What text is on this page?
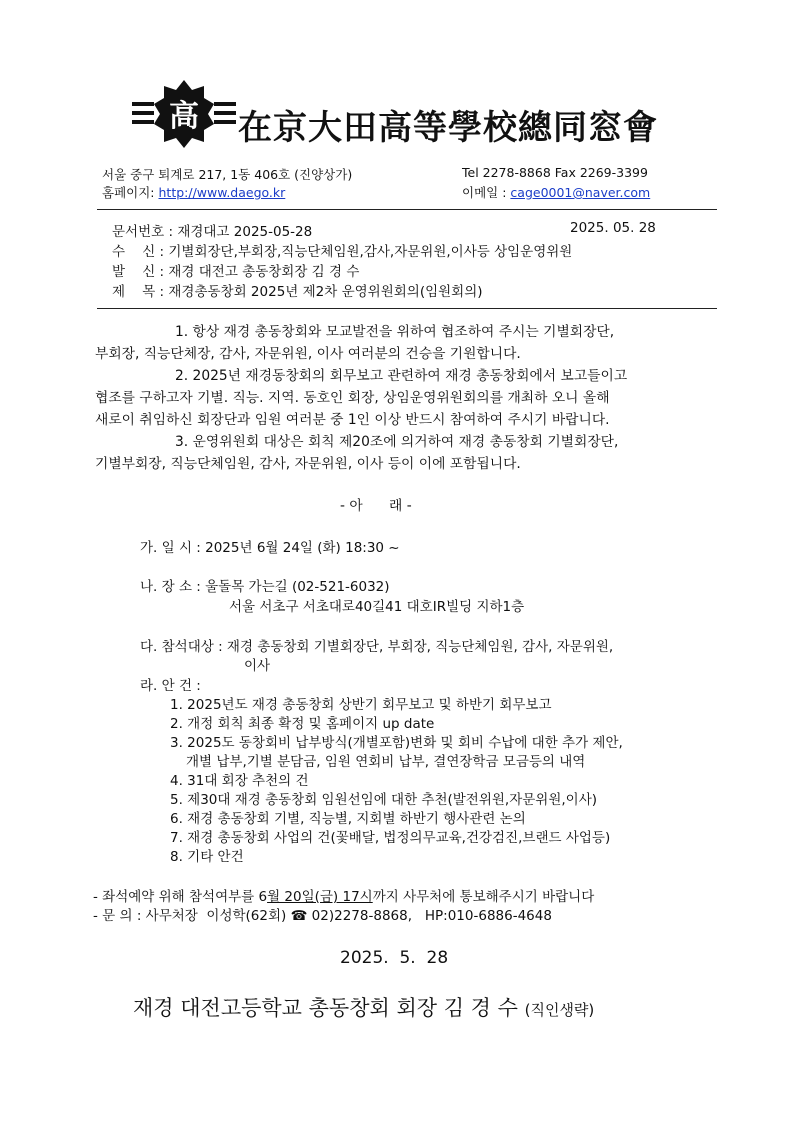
高 在京大田高等學校總同窓會
서울 중구 퇴계로 217, 1동 406호 (진양상가)	Tel 2278-8868 Fax 2269-3399
홈페이지: http://www.daego.kr	이메일 : cage0001@naver.com
문서번호 : 재경대고 2025-05-28	2025. 05. 28
수    신 : 기별회장단,부회장,직능단체임원,감사,자문위원,이사등 상임운영위원
발    신 : 재경 대전고 총동창회장 김 경 수
제    목 : 재경총동창회 2025년 제2차 운영위원회의(임원회의)
1. 항상 재경 총동창회와 모교발전을 위하여 협조하여 주시는 기별회장단,
부회장, 직능단체장, 감사, 자문위원, 이사 여러분의 건승을 기원합니다.
2. 2025년 재경동창회의 회무보고 관련하여 재경 총동창회에서 보고들이고
협조를 구하고자 기별. 직능. 지역. 동호인 회장, 상임운영위원회의를 개최하 오니 올해
새로이 취임하신 회장단과 임원 여러분 중 1인 이상 반드시 참여하여 주시기 바랍니다.
3. 운영위원회 대상은 회칙 제20조에 의거하여 재경 총동창회 기별회장단,
기별부회장, 직능단체임원, 감사, 자문위원, 이사 등이 이에 포함됩니다.
- 아      래 -
가. 일 시 : 2025년 6월 24일 (화) 18:30 ~
나. 장 소 : 울돌목 가는길 (02-521-6032)
서울 서초구 서초대로40길41 대호IR빌딩 지하1층
다. 참석대상 : 재경 총동창회 기별회장단, 부회장, 직능단체임원, 감사, 자문위원,
이사
라. 안 건 :
1. 2025년도 재경 총동창회 상반기 회무보고 및 하반기 회무보고
2. 개정 회칙 최종 확정 및 홈페이지 up date
3. 2025도 동창회비 납부방식(개별포함)변화 및 회비 수납에 대한 추가 제안,
개별 납부,기별 분담금, 임원 연회비 납부, 결연장학금 모금등의 내역
4. 31대 회장 추천의 건
5. 제30대 재경 총동창회 임원선임에 대한 추천(발전위원,자문위원,이사)
6. 재경 총동창회 기별, 직능별, 지회별 하반기 행사관련 논의
7. 재경 총동창회 사업의 건(꽃배달, 법정의무교육,건강검진,브랜드 사업등)
8. 기타 안건
- 좌석예약 위해 참석여부를 6월 20일(금) 17시까지 사무처에 통보해주시기 바랍니다
- 문 의 : 사무처장  이성학(62회) ☎ 02)2278-8868,   HP:010-6886-4648
2025.  5.  28
재경 대전고등학교 총동창회 회장 김 경 수 (직인생략)
